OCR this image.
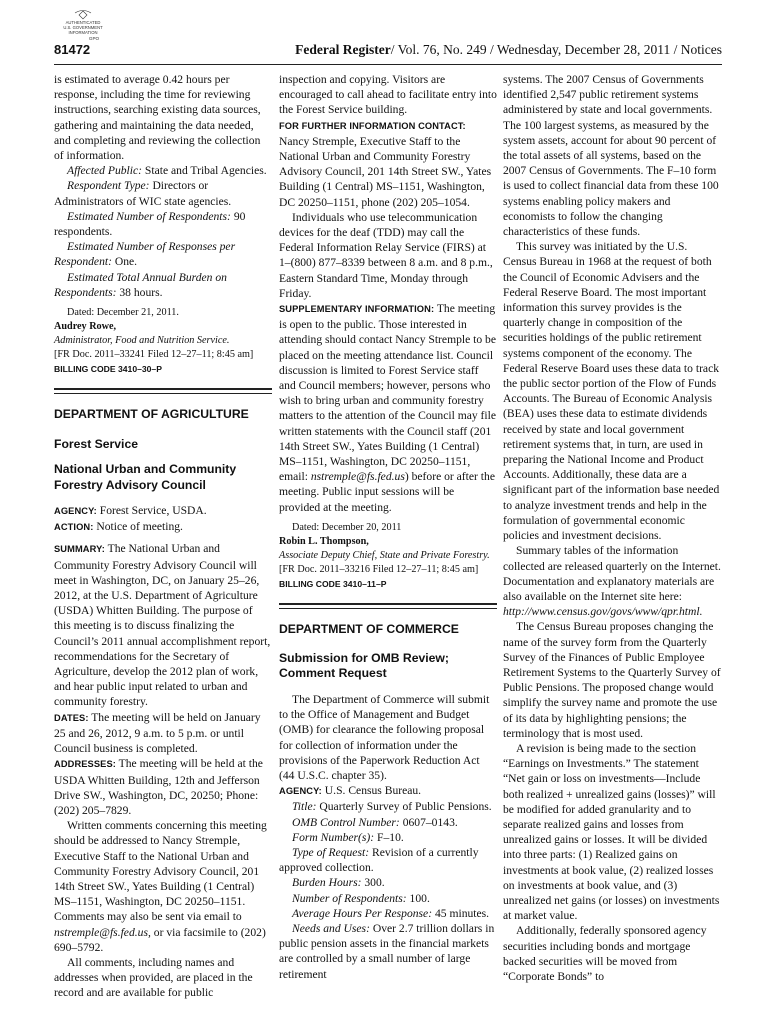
AUTHENTICATED
U.S. GOVERNMENT
INFORMATION
GPO
81472	Federal Register/ Vol. 76, No. 249 / Wednesday, December 28, 2011 / Notices

is estimated to average 0.42 hours per response, including the time for reviewing instructions, searching existing data sources, gathering and maintaining the data needed, and completing and reviewing the collection of information.

Affected Public: State and Tribal Agencies.

Respondent Type: Directors or Administrators of WIC state agencies.

Estimated Number of Respondents: 90 respondents.

Estimated Number of Responses per Respondent: One.

Estimated Total Annual Burden on Respondents: 38 hours.

Dated: December 21, 2011.

Audrey Rowe,

Administrator, Food and Nutrition Service.

[FR Doc. 2011–33241 Filed 12–27–11; 8:45 am]

BILLING CODE 3410–30–P

DEPARTMENT OF AGRICULTURE

Forest Service

National Urban and Community Forestry Advisory Council

AGENCY: Forest Service, USDA.

ACTION: Notice of meeting.

SUMMARY: The National Urban and Community Forestry Advisory Council will meet in Washington, DC, on January 25–26, 2012, at the U.S. Department of Agriculture (USDA) Whitten Building. The purpose of this meeting is to discuss finalizing the Council’s 2011 annual accomplishment report, recommendations for the Secretary of Agriculture, develop the 2012 plan of work, and hear public input related to urban and community forestry.

DATES: The meeting will be held on January 25 and 26, 2012, 9 a.m. to 5 p.m. or until Council business is completed.

ADDRESSES: The meeting will be held at the USDA Whitten Building, 12th and Jefferson Drive SW., Washington, DC, 20250; Phone: (202) 205–7829.

Written comments concerning this meeting should be addressed to Nancy Stremple, Executive Staff to the National Urban and Community Forestry Advisory Council, 201 14th Street SW., Yates Building (1 Central) MS–1151, Washington, DC 20250–1151. Comments may also be sent via email to nstremple@fs.fed.us, or via facsimile to (202) 690–5792.

All comments, including names and addresses when provided, are placed in the record and are available for public

inspection and copying. Visitors are encouraged to call ahead to facilitate entry into the Forest Service building.

FOR FURTHER INFORMATION CONTACT: Nancy Stremple, Executive Staff to the National Urban and Community Forestry Advisory Council, 201 14th Street SW., Yates Building (1 Central) MS–1151, Washington, DC 20250–1151, phone (202) 205–1054.

Individuals who use telecommunication devices for the deaf (TDD) may call the Federal Information Relay Service (FIRS) at 1–(800) 877–8339 between 8 a.m. and 8 p.m., Eastern Standard Time, Monday through Friday.

SUPPLEMENTARY INFORMATION: The meeting is open to the public. Those interested in attending should contact Nancy Stremple to be placed on the meeting attendance list. Council discussion is limited to Forest Service staff and Council members; however, persons who wish to bring urban and community forestry matters to the attention of the Council may file written statements with the Council staff (201 14th Street SW., Yates Building (1 Central) MS–1151, Washington, DC 20250–1151, email: nstremple@fs.fed.us) before or after the meeting. Public input sessions will be provided at the meeting.

Dated: December 20, 2011

Robin L. Thompson,

Associate Deputy Chief, State and Private Forestry.

[FR Doc. 2011–33216 Filed 12–27–11; 8:45 am]

BILLING CODE 3410–11–P

DEPARTMENT OF COMMERCE

Submission for OMB Review; Comment Request

The Department of Commerce will submit to the Office of Management and Budget (OMB) for clearance the following proposal for collection of information under the provisions of the Paperwork Reduction Act (44 U.S.C. chapter 35).

AGENCY: U.S. Census Bureau.

Title: Quarterly Survey of Public Pensions.

OMB Control Number: 0607–0143.

Form Number(s): F–10.

Type of Request: Revision of a currently approved collection.

Burden Hours: 300.

Number of Respondents: 100.

Average Hours Per Response: 45 minutes.

Needs and Uses: Over 2.7 trillion dollars in public pension assets in the financial markets are controlled by a small number of large retirement

systems. The 2007 Census of Governments identified 2,547 public retirement systems administered by state and local governments. The 100 largest systems, as measured by the system assets, account for about 90 percent of the total assets of all systems, based on the 2007 Census of Governments. The F–10 form is used to collect financial data from these 100 systems enabling policy makers and economists to follow the changing characteristics of these funds.

This survey was initiated by the U.S. Census Bureau in 1968 at the request of both the Council of Economic Advisers and the Federal Reserve Board. The most important information this survey provides is the quarterly change in composition of the securities holdings of the public retirement systems component of the economy. The Federal Reserve Board uses these data to track the public sector portion of the Flow of Funds Accounts. The Bureau of Economic Analysis (BEA) uses these data to estimate dividends received by state and local government retirement systems that, in turn, are used in preparing the National Income and Product Accounts. Additionally, these data are a significant part of the information base needed to analyze investment trends and help in the formulation of governmental economic policies and investment decisions.

Summary tables of the information collected are released quarterly on the Internet. Documentation and explanatory materials are also available on the Internet site here: http://www.census.gov/govs/www/qpr.html.

The Census Bureau proposes changing the name of the survey form from the Quarterly Survey of the Finances of Public Employee Retirement Systems to the Quarterly Survey of Public Pensions. The proposed change would simplify the survey name and promote the use of its data by highlighting pensions; the terminology that is most used.

A revision is being made to the section “Earnings on Investments.” The statement “Net gain or loss on investments—Include both realized + unrealized gains (losses)” will be modified for added granularity and to separate realized gains and losses from unrealized gains or losses. It will be divided into three parts: (1) Realized gains on investments at book value, (2) realized losses on investments at book value, and (3) unrealized net gains (or losses) on investments at market value.

Additionally, federally sponsored agency securities including bonds and mortgage backed securities will be moved from “Corporate Bonds” to
